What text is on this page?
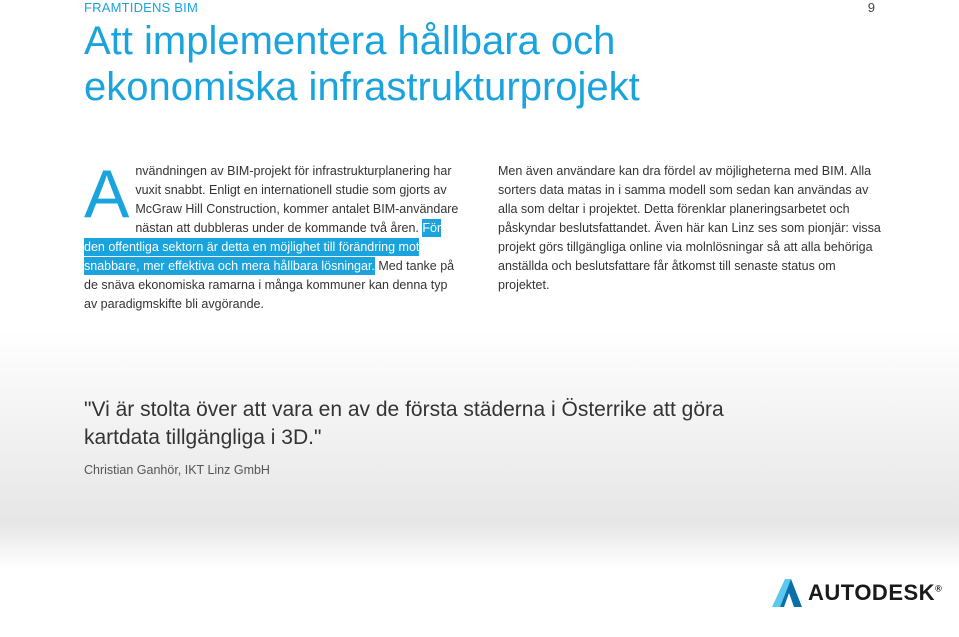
FRAMTIDENS BIM	9
Att implementera hållbara och ekonomiska infrastrukturprojekt
Användningen av BIM-projekt för infrastrukturplanering har vuxit snabbt. Enligt en internationell studie som gjorts av McGraw Hill Construction, kommer antalet BIM-användare nästan att dubbleras under de kommande två åren. För den offentliga sektorn är detta en möjlighet till förändring mot snabbare, mer effektiva och mera hållbara lösningar. Med tanke på de snäva ekonomiska ramarna i många kommuner kan denna typ av paradigmskifte bli avgörande.
Men även användare kan dra fördel av möjligheterna med BIM. Alla sorters data matas in i samma modell som sedan kan användas av alla som deltar i projektet. Detta förenklar planeringsarbetet och påskyndar beslutsfattandet. Även här kan Linz ses som pionjär: vissa projekt görs tillgängliga online via molnlösningar så att alla behöriga anställda och beslutsfattare får åtkomst till senaste status om projektet.
"Vi är stolta över att vara en av de första städerna i Österrike att göra kartdata tillgängliga i 3D."
Christian Ganhör, IKT Linz GmbH
AUTODESK®
